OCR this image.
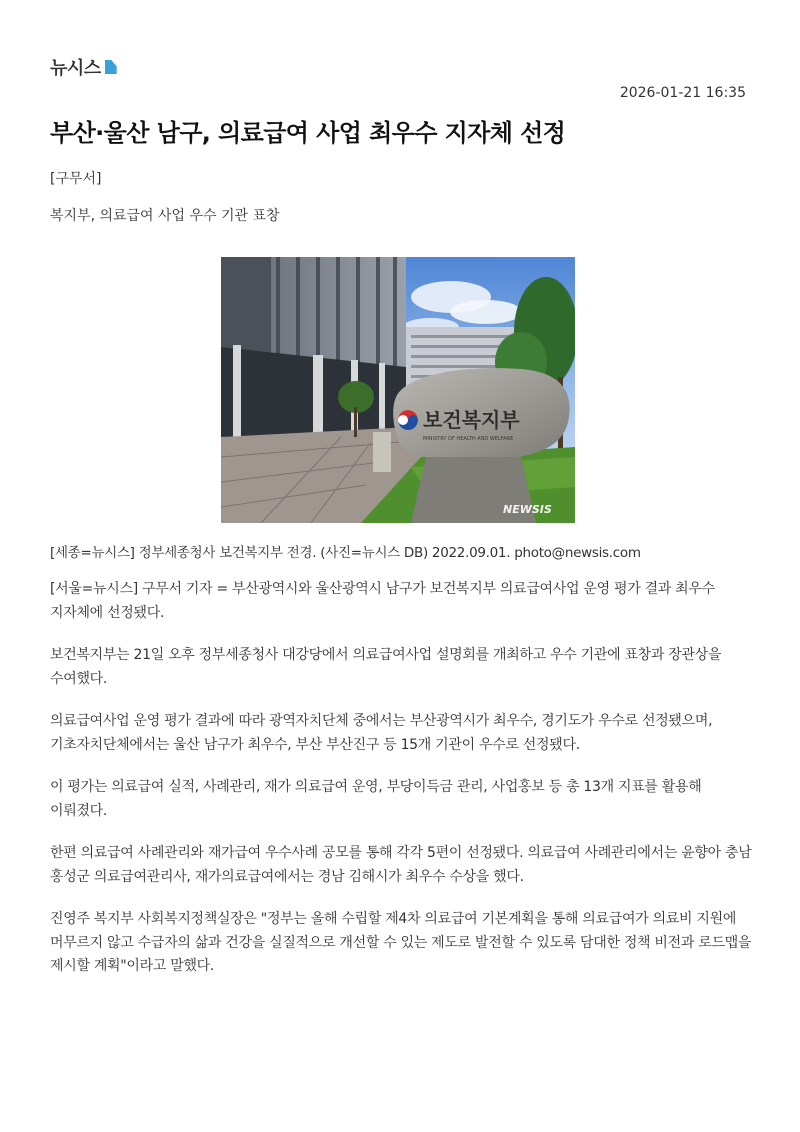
뉴시스
2026-01-21 16:35
부산·울산 남구, 의료급여 사업 최우수 지자체 선정
[구무서]
복지부, 의료급여 사업 우수 기관 표창
보건복지부
MINISTRY OF HEALTH AND WELFARE
NEWSIS
[세종=뉴시스] 정부세종청사 보건복지부 전경. (사진=뉴시스 DB) 2022.09.01. photo@newsis.com

[서울=뉴시스] 구무서 기자 = 부산광역시와 울산광역시 남구가 보건복지부 의료급여사업 운영 평가 결과 최우수 지자체에 선정됐다.

보건복지부는 21일 오후 정부세종청사 대강당에서 의료급여사업 설명회를 개최하고 우수 기관에 표창과 장관상을 수여했다.

의료급여사업 운영 평가 결과에 따라 광역자치단체 중에서는 부산광역시가 최우수, 경기도가 우수로 선정됐으며, 기초자치단체에서는 울산 남구가 최우수, 부산 부산진구 등 15개 기관이 우수로 선정됐다.

이 평가는 의료급여 실적, 사례관리, 재가 의료급여 운영, 부당이득금 관리, 사업홍보 등 총 13개 지표를 활용해 이뤄졌다.

한편 의료급여 사례관리와 재가급여 우수사례 공모를 통해 각각 5편이 선정됐다. 의료급여 사례관리에서는 윤향아 충남 홍성군 의료급여관리사, 재가의료급여에서는 경남 김해시가 최우수 수상을 했다.

진영주 복지부 사회복지정책실장은 "정부는 올해 수립할 제4차 의료급여 기본계획을 통해 의료급여가 의료비 지원에 머무르지 않고 수급자의 삶과 건강을 실질적으로 개선할 수 있는 제도로 발전할 수 있도록 담대한 정책 비전과 로드맵을 제시할 계획"이라고 말했다.
